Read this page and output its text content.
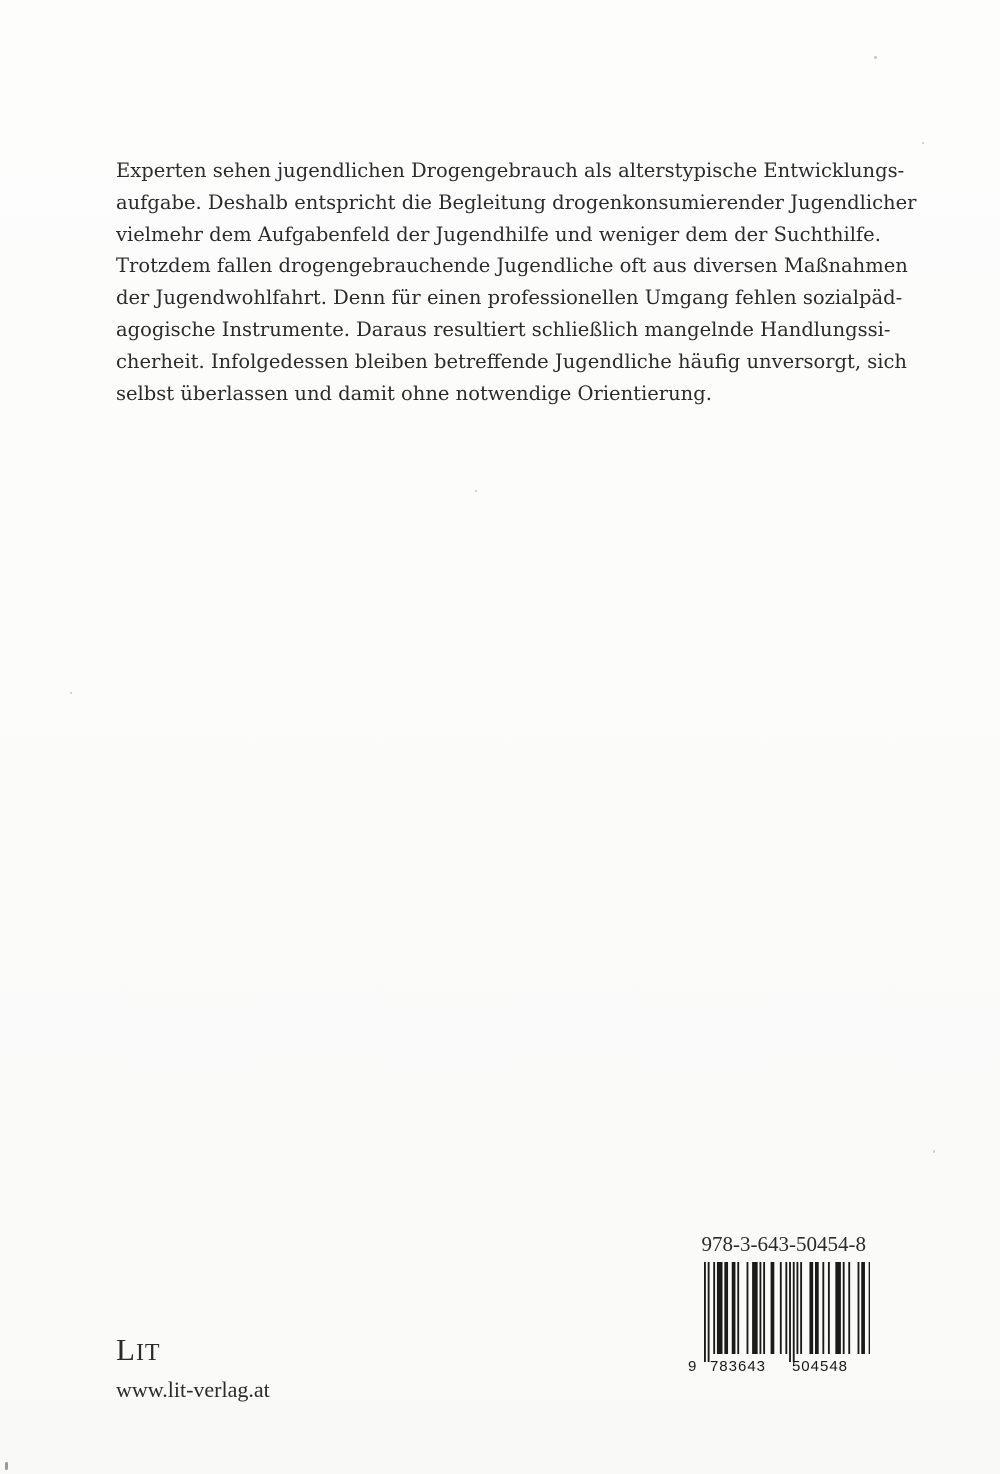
Experten sehen jugendlichen Drogengebrauch als alterstypische Entwicklungs-
aufgabe. Deshalb entspricht die Begleitung drogenkonsumierender Jugendlicher
vielmehr dem Aufgabenfeld der Jugendhilfe und weniger dem der Suchthilfe.
Trotzdem fallen drogengebrauchende Jugendliche oft aus diversen Maßnahmen
der Jugendwohlfahrt. Denn für einen professionellen Umgang fehlen sozialpäd-
agogische Instrumente. Daraus resultiert schließlich mangelnde Handlungssi-
cherheit. Infolgedessen bleiben betreffende Jugendliche häufig unversorgt, sich
selbst überlassen und damit ohne notwendige Orientierung.
978-3-643-50454-8
9 783643 504548
LIT
www.lit-verlag.at
